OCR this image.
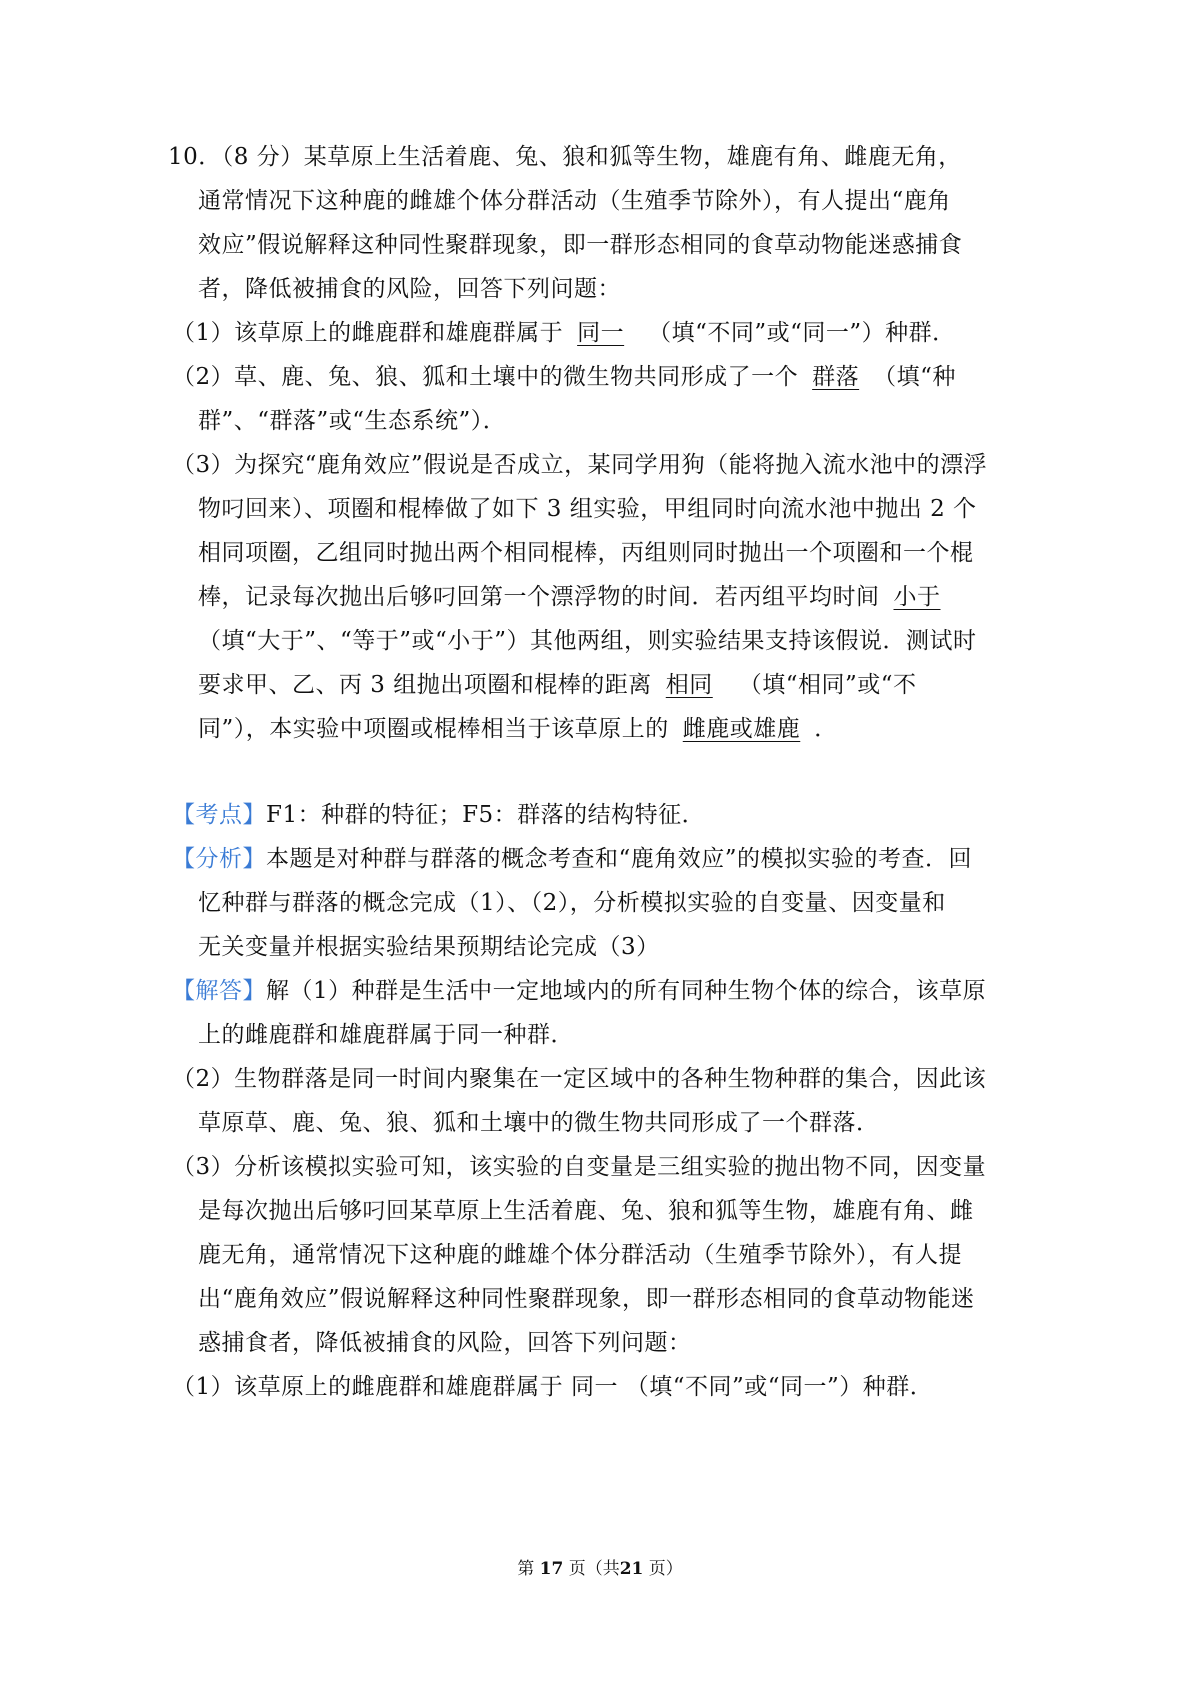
10．（8 分）某草原上生活着鹿、兔、狼和狐等生物，雄鹿有角、雌鹿无角，
通常情况下这种鹿的雌雄个体分群活动（生殖季节除外），有人提出“鹿角
效应”假说解释这种同性聚群现象，即一群形态相同的食草动物能迷惑捕食
者，降低被捕食的风险，回答下列问题：
（1）该草原上的雌鹿群和雄鹿群属于 同一 （填“不同”或“同一”）种群．
（2）草、鹿、兔、狼、狐和土壤中的微生物共同形成了一个 群落 （填“种
群”、“群落”或“生态系统”）．
（3）为探究“鹿角效应”假说是否成立，某同学用狗（能将抛入流水池中的漂浮
物叼回来）、项圈和棍棒做了如下 3 组实验，甲组同时向流水池中抛出 2 个
相同项圈，乙组同时抛出两个相同棍棒，丙组则同时抛出一个项圈和一个棍
棒，记录每次抛出后够叼回第一个漂浮物的时间．若丙组平均时间 小于
（填“大于”、“等于”或“小于”）其他两组，则实验结果支持该假说．测试时
要求甲、乙、丙 3 组抛出项圈和棍棒的距离 相同 （填“相同”或“不
同”），本实验中项圈或棍棒相当于该草原上的 雌鹿或雄鹿 ．
【考点】F1：种群的特征；F5：群落的结构特征．
【分析】本题是对种群与群落的概念考查和“鹿角效应”的模拟实验的考查．回
忆种群与群落的概念完成（1）、（2），分析模拟实验的自变量、因变量和
无关变量并根据实验结果预期结论完成（3）
【解答】解（1）种群是生活中一定地域内的所有同种生物个体的综合，该草原
上的雌鹿群和雄鹿群属于同一种群．
（2）生物群落是同一时间内聚集在一定区域中的各种生物种群的集合，因此该
草原草、鹿、兔、狼、狐和土壤中的微生物共同形成了一个群落．
（3）分析该模拟实验可知，该实验的自变量是三组实验的抛出物不同，因变量
是每次抛出后够叼回某草原上生活着鹿、兔、狼和狐等生物，雄鹿有角、雌
鹿无角，通常情况下这种鹿的雌雄个体分群活动（生殖季节除外），有人提
出“鹿角效应”假说解释这种同性聚群现象，即一群形态相同的食草动物能迷
惑捕食者，降低被捕食的风险，回答下列问题：
（1）该草原上的雌鹿群和雄鹿群属于 同一 （填“不同”或“同一”）种群．
第 17 页（共21 页）
